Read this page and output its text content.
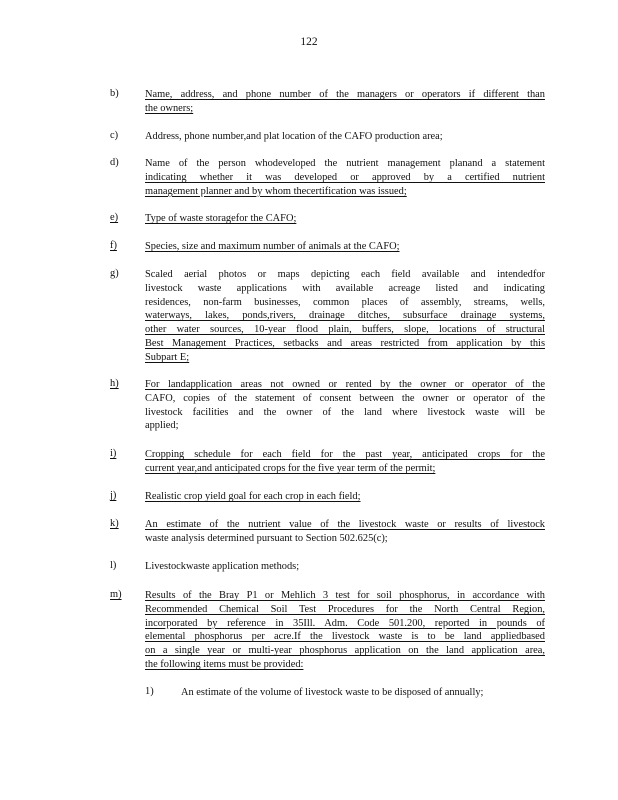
122
b)	Name, address, and phone number of the managers or operators if different than
the owners;
c)	Address, phone number,and plat location of the CAFO production area;
d)	Name of the person whodeveloped the nutrient management planand a statement
indicating whether it was developed or approved by a certified nutrient
management planner and by whom thecertification was issued;
e)	Type of waste storagefor the CAFO;
f)	Species, size and maximum number of animals at the CAFO;
g)	Scaled aerial photos or maps depicting each field available and intendedfor
livestock waste applications with available acreage listed and indicating
residences, non-farm businesses, common places of assembly, streams, wells,
waterways, lakes, ponds,rivers, drainage ditches, subsurface drainage systems,
other water sources, 10-year flood plain, buffers, slope, locations of structural
Best Management Practices, setbacks and areas restricted from application by this
Subpart E;
h)	For landapplication areas not owned or rented by the owner or operator of the
CAFO, copies of the statement of consent between the owner or operator of the
livestock facilities and the owner of the land where livestock waste will be
applied;
i)	Cropping schedule for each field for the past year, anticipated crops for the
current year,and anticipated crops for the five year term of the permit;
j)	Realistic crop yield goal for each crop in each field;
k)	An estimate of the nutrient value of the livestock waste or results of livestock
waste analysis determined pursuant to Section 502.625(c);
l)	Livestockwaste application methods;
m)	Results of the Bray P1 or Mehlich 3 test for soil phosphorus, in accordance with
Recommended Chemical Soil Test Procedures for the North Central Region,
incorporated by reference in 35Ill. Adm. Code 501.200, reported in pounds of
elemental phosphorus per acre.If the livestock waste is to be land appliedbased
on a single year or multi-year phosphorus application on the land application area,
the following items must be provided:
1)	An estimate of the volume of livestock waste to be disposed of annually;
